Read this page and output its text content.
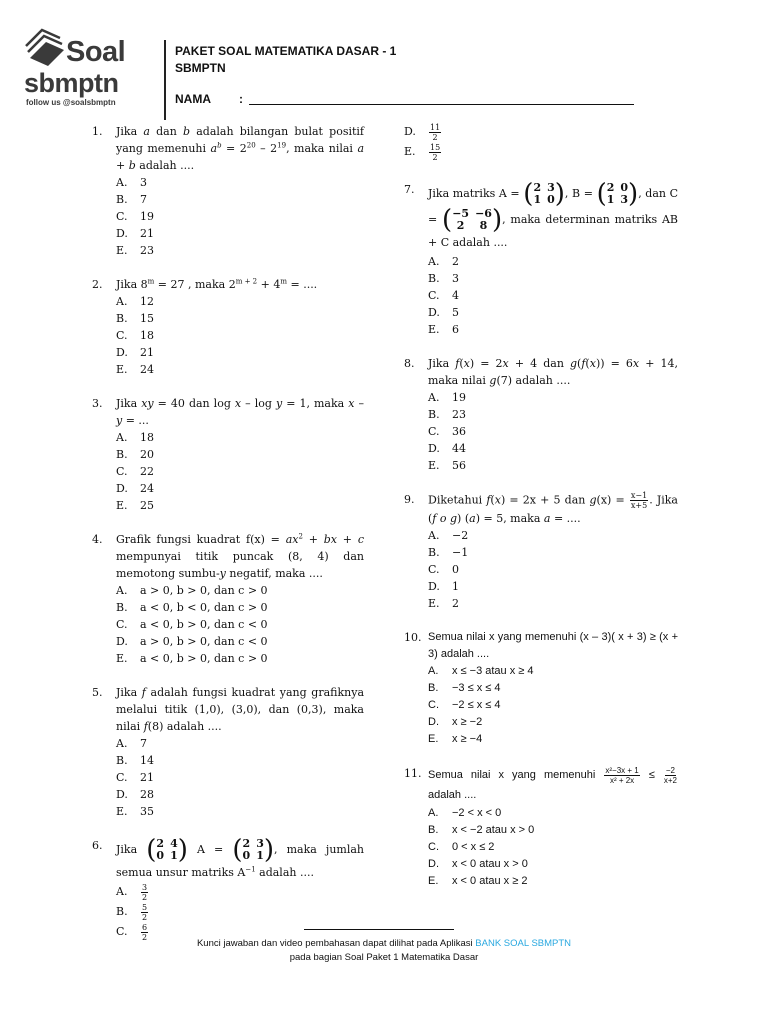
Soal
sbmptn
follow us @soalsbmptn
PAKET SOAL MATEMATIKA DASAR - 1
SBMPTN
NAMA :
1. Jika a dan b adalah bilangan bulat positif yang memenuhi $a^b = 2^{20} - 2^{19}$, maka nilai a + b adalah ....
A. 3
B. 7
C. 19
D. 21
E. 23
2. Jika $8^m = 27$ , maka $2^{m + 2} + 4^m$ = ....
A. 12
B. 15
C. 18
D. 21
E. 24
3. Jika xy = 40 dan log x – log y = 1, maka x – y = ...
A. 18
B. 20
C. 22
D. 24
E. 25
4. Grafik fungsi kuadrat $f(x) = ax^2$ + bx + c mempunyai titik puncak (8, 4) dan memotong sumbu-y negatif, maka ....
A. a > 0, b > 0, dan c > 0
B. a < 0, b < 0, dan c > 0
C. a < 0, b > 0, dan c < 0
D. a > 0, b > 0, dan c < 0
E. a < 0, b > 0, dan c > 0
5. Jika f adalah fungsi kuadrat yang grafiknya melalui titik (1,0), (3,0), dan (0,3), maka nilai f(8) adalah ....
A. 7
B. 14
C. 21
D. 28
E. 35
6. Jika ( 2 4
0 1 ) A = ( 2 3
0 1 ), maka jumlah semua unsur matriks $A^{-1}$ adalah ....
A. $\frac{3}{2}$
B. $\frac{5}{2}$
C. $\frac{6}{2}$
D. $\frac{11}{2}$
E. $\frac{15}{2}$
7. Jika matriks A = ( 2 3
1 0 ), B = ( 2 0
1 3 ), dan C = ( −5 −6
2	8 ), maka determinan matriks AB + C adalah ....
A. 2
B. 3
C. 4
D. 5
E. 6
8. Jika f(x) = 2x + 4 dan g(f(x)) = 6x + 14, maka nilai g(7) adalah ....
A. 19
B. 23
C. 36
D. 44
E. 56
9. Diketahui f(x) = 2x + 5 dan $g(x) = \frac{x-1}{x+5}$ . Jika (f o g) (a) = 5, maka a = ....
A. −2
B. −1
C. 0
D. 1
E. 2
10. Semua nilai x yang memenuhi (x – 3)( x + 3) ≥ (x + 3) adalah ....
A. x ≤ −3 atau x ≥ 4
B. −3 ≤ x ≤ 4
C. −2 ≤ x ≤ 4
D. x ≥ −2
E. x ≥ −4
11. Semua nilai x yang memenuhi $\frac{\text{x²−3x + 1}}{\text{x² + 2x}} \le \frac{-2}{x+2}$
adalah ....
A. −2 < x < 0
B. x < −2 atau x > 0
C. 0 < x ≤ 2
D. x < 0 atau x > 0
E. x < 0 atau x ≥ 2
Kunci jawaban dan video pembahasan dapat dilihat pada Aplikasi BANK SOAL SBMPTN
pada bagian Soal Paket 1 Matematika Dasar
